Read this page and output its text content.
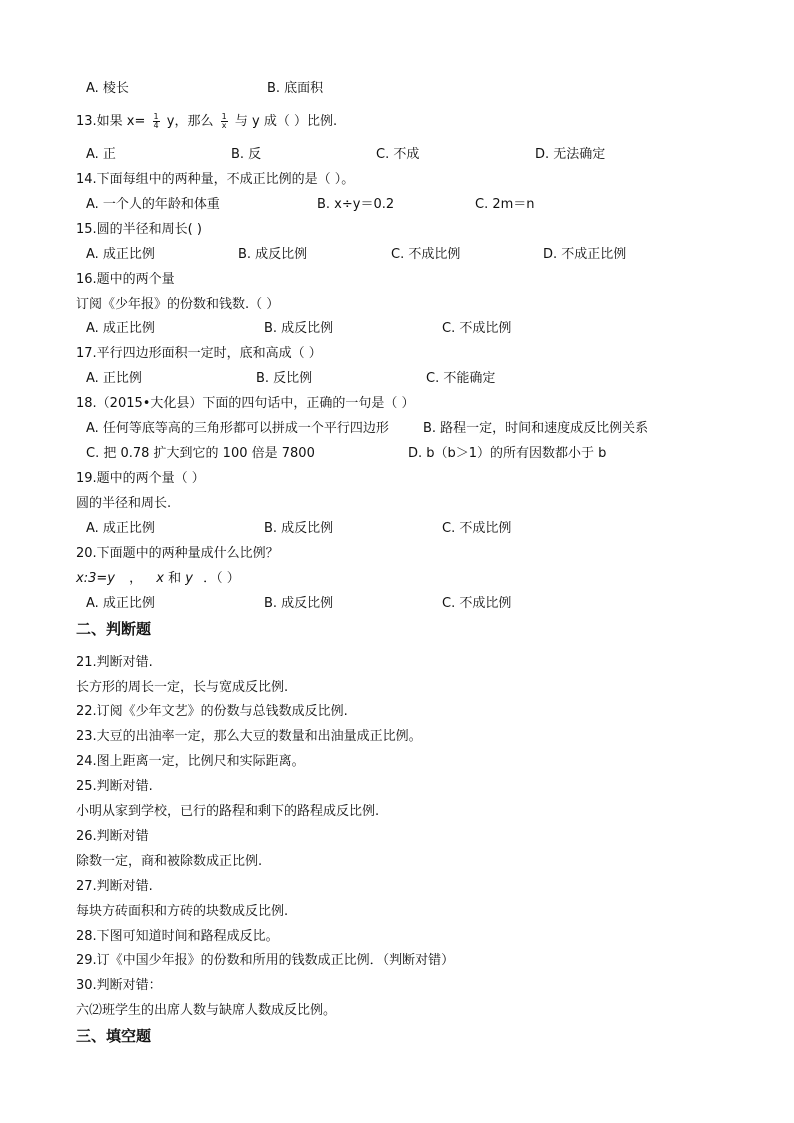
A. 棱长	B. 底面积
13.如果 $x= \frac{1}{4}$ y，那么 $\frac{1}{x}$ 与 y 成（ ）比例.
A. 正	B. 反	C. 不成	D. 无法确定
14.下面每组中的两种量，不成正比例的是（ ）。
A. 一个人的年龄和体重	B. x÷y＝0.2	C. 2m＝n
15.圆的半径和周长( )
A. 成正比例	B. 成反比例	C. 不成比例	D. 不成正比例
16.题中的两个量
订阅《少年报》的份数和钱数.（ ）
A. 成正比例	B. 成反比例	C. 不成比例
17.平行四边形面积一定时，底和高成（ ）
A. 正比例	B. 反比例	C. 不能确定
18.（2015•大化县）下面的四句话中，正确的一句是（ ）
A. 任何等底等高的三角形都可以拼成一个平行四边形	B. 路程一定，时间和速度成反比例关系
C. 把 0.78 扩大到它的 100 倍是 7800	D. b（b＞1）的所有因数都小于 b
19.题中的两个量（ ）
圆的半径和周长.
A. 成正比例	B. 成反比例	C. 不成比例
20.下面题中的两种量成什么比例？
x:3=y ， x 和 y ．（ ）
A. 成正比例	B. 成反比例	C. 不成比例
二、判断题
21.判断对错.
长方形的周长一定，长与宽成反比例.
22.订阅《少年文艺》的份数与总钱数成反比例.
23.大豆的出油率一定，那么大豆的数量和出油量成正比例。
24.图上距离一定，比例尺和实际距离。
25.判断对错.
小明从家到学校，已行的路程和剩下的路程成反比例.
26.判断对错
除数一定，商和被除数成正比例.
27.判断对错.
每块方砖面积和方砖的块数成反比例.
28.下图可知道时间和路程成反比。
29.订《中国少年报》的份数和所用的钱数成正比例．（判断对错）
30.判断对错：
六⑵班学生的出席人数与缺席人数成反比例。
三、填空题
